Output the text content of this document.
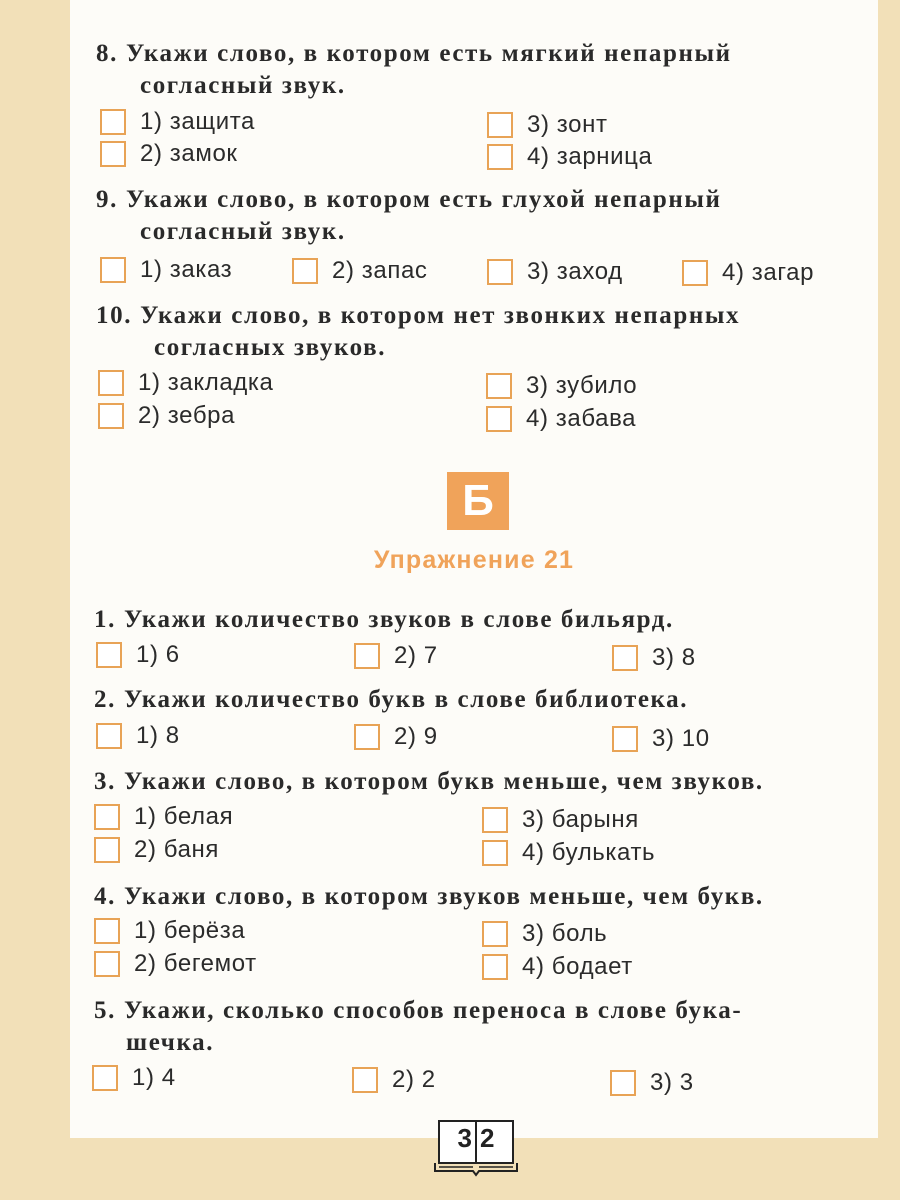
8. Укажи слово, в котором есть мягкий непарный
согласный звук.
1) защита
2) замок
3) зонт
4) зарница
9. Укажи слово, в котором есть глухой непарный
согласный звук.
1) заказ	2) запас	3) заход	4) загар
10. Укажи слово, в котором нет звонких непарных
согласных звуков.
1) закладка
2) зебра
3) зубило
4) забава
Б
Упражнение 21
1. Укажи количество звуков в слове бильярд.
1) 6	2) 7	3) 8
2. Укажи количество букв в слове библиотека.
1) 8	2) 9	3) 10
3. Укажи слово, в котором букв меньше, чем звуков.
1) белая
2) баня
3) барыня
4) булькать
4. Укажи слово, в котором звуков меньше, чем букв.
1) берёза
2) бегемот
3) боль
4) бодает
5. Укажи, сколько способов переноса в слове бука-
шечка.
1) 4	2) 2	3) 3
32
